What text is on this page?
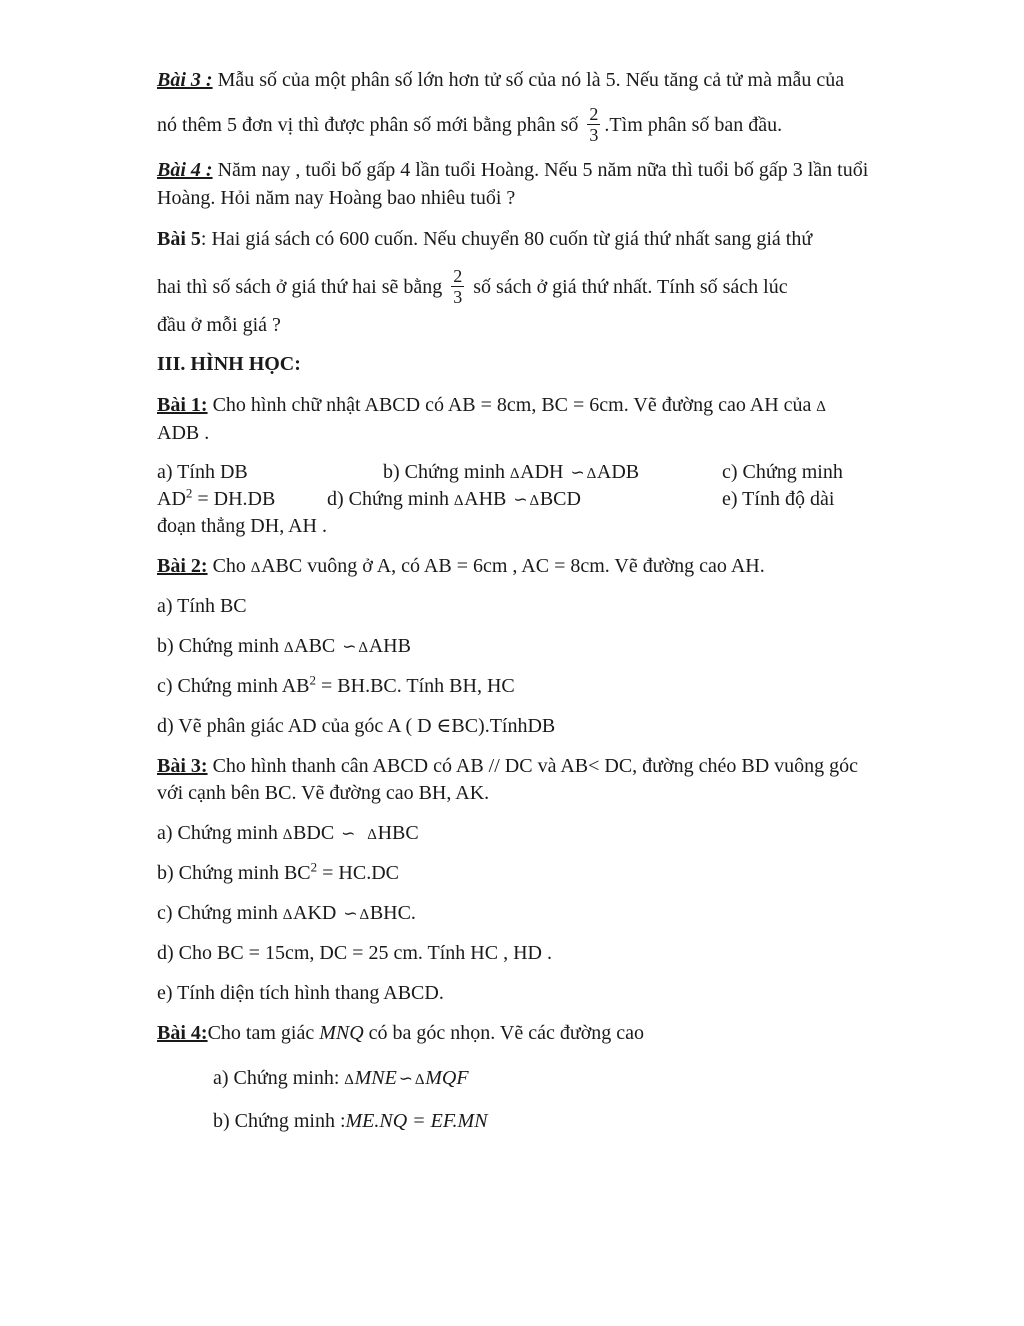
Bài 3 : Mẫu số của một phân số lớn hơn tử số của nó là 5. Nếu tăng cả tử mà mẫu của
nó thêm 5 đơn vị thì được phân số mới bằng phân số $\frac{2}{3}$ .Tìm phân số ban đầu.
Bài 4 : Năm nay , tuổi bố gấp 4 lần tuổi Hoàng. Nếu 5 năm nữa thì tuổi bố gấp 3 lần tuổi
Hoàng. Hỏi năm nay Hoàng bao nhiêu tuổi ?
Bài 5: Hai giá sách có 600 cuốn. Nếu chuyển 80 cuốn từ giá thứ nhất sang giá thứ
hai thì số sách ở giá thứ hai sẽ bằng $\frac{2}{3}$ số sách ở giá thứ nhất. Tính số sách lúc
đầu ở mỗi giá ?
III. HÌNH HỌC:
Bài 1: Cho hình chữ nhật ABCD có AB = 8cm, BC = 6cm. Vẽ đường cao AH của ∆
ADB .
a) Tính DB	b) Chứng minh ∆ADH ∽ ∆ADB	c) Chứng minh
$AD^2 = DH.DB$	d) Chứng minh ∆AHB ∽ ∆BCD	e) Tính độ dài
đoạn thẳng DH, AH .
Bài 2: Cho ∆ABC vuông ở A, có AB = 6cm , AC = 8cm. Vẽ đường cao AH.
a) Tính BC
b) Chứng minh ∆ABC ∽ ∆AHB
c) Chứng minh $AB^2 = BH.BC$. Tính BH, HC
d) Vẽ phân giác AD của góc A ( D ∈BC).TínhDB
Bài 3: Cho hình thanh cân ABCD có AB // DC và AB< DC, đường chéo BD vuông góc
với cạnh bên BC. Vẽ đường cao BH, AK.
a) Chứng minh ∆BDC ∽ ∆HBC
b) Chứng minh $BC^2 = HC.DC$
c) Chứng minh ∆AKD ∽ ∆BHC.
d) Cho BC = 15cm, DC = 25 cm. Tính HC , HD .
e) Tính diện tích hình thang ABCD.
Bài 4:Cho tam giác MNQ có ba góc nhọn. Vẽ các đường cao
a) Chứng minh: ∆MNE ∽ ∆MQF
b) Chứng minh :ME.NQ = EF.MN
